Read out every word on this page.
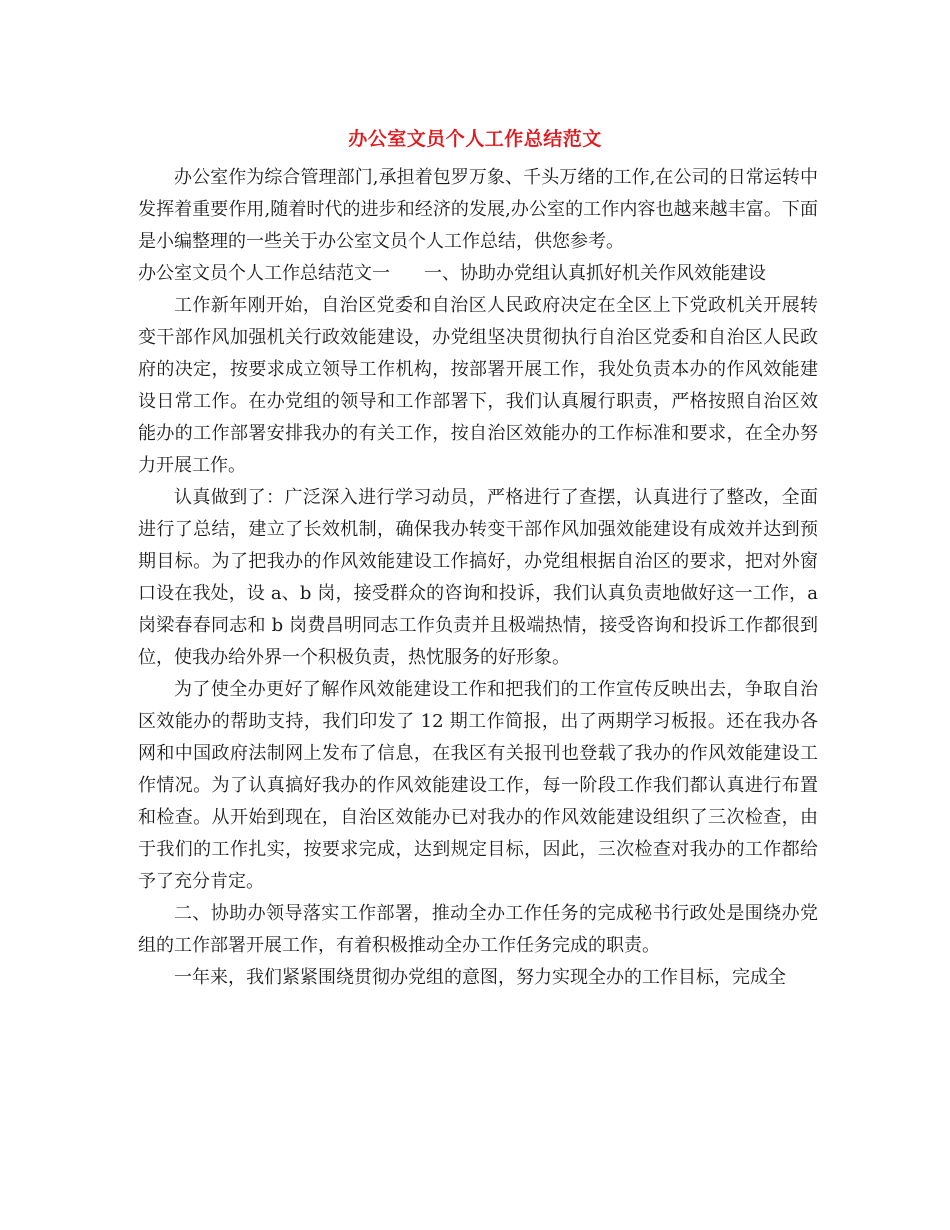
办公室文员个人工作总结范文

办公室作为综合管理部门,承担着包罗万象、千头万绪的工作,在公司的日常运转中发挥着重要作用,随着时代的进步和经济的发展,办公室的工作内容也越来越丰富。下面是小编整理的一些关于办公室文员个人工作总结，供您参考。

办公室文员个人工作总结范文一 一、协助办党组认真抓好机关作风效能建设

工作新年刚开始，自治区党委和自治区人民政府决定在全区上下党政机关开展转变干部作风加强机关行政效能建设，办党组坚决贯彻执行自治区党委和自治区人民政府的决定，按要求成立领导工作机构，按部署开展工作，我处负责本办的作风效能建设日常工作。在办党组的领导和工作部署下，我们认真履行职责，严格按照自治区效能办的工作部署安排我办的有关工作，按自治区效能办的工作标准和要求，在全办努力开展工作。

认真做到了：广泛深入进行学习动员，严格进行了查摆，认真进行了整改，全面进行了总结，建立了长效机制，确保我办转变干部作风加强效能建设有成效并达到预期目标。为了把我办的作风效能建设工作搞好，办党组根据自治区的要求，把对外窗口设在我处，设 a、b 岗，接受群众的咨询和投诉，我们认真负责地做好这一工作，a 岗梁春春同志和 b 岗费昌明同志工作负责并且极端热情，接受咨询和投诉工作都很到位，使我办给外界一个积极负责，热忱服务的好形象。

为了使全办更好了解作风效能建设工作和把我们的工作宣传反映出去，争取自治区效能办的帮助支持，我们印发了 12 期工作简报，出了两期学习板报。还在我办各网和中国政府法制网上发布了信息，在我区有关报刊也登载了我办的作风效能建设工作情况。为了认真搞好我办的作风效能建设工作，每一阶段工作我们都认真进行布置和检查。从开始到现在，自治区效能办已对我办的作风效能建设组织了三次检查，由于我们的工作扎实，按要求完成，达到规定目标，因此，三次检查对我办的工作都给予了充分肯定。

二、协助办领导落实工作部署，推动全办工作任务的完成秘书行政处是围绕办党组的工作部署开展工作，有着积极推动全办工作任务完成的职责。

一年来，我们紧紧围绕贯彻办党组的意图，努力实现全办的工作目标，完成全
